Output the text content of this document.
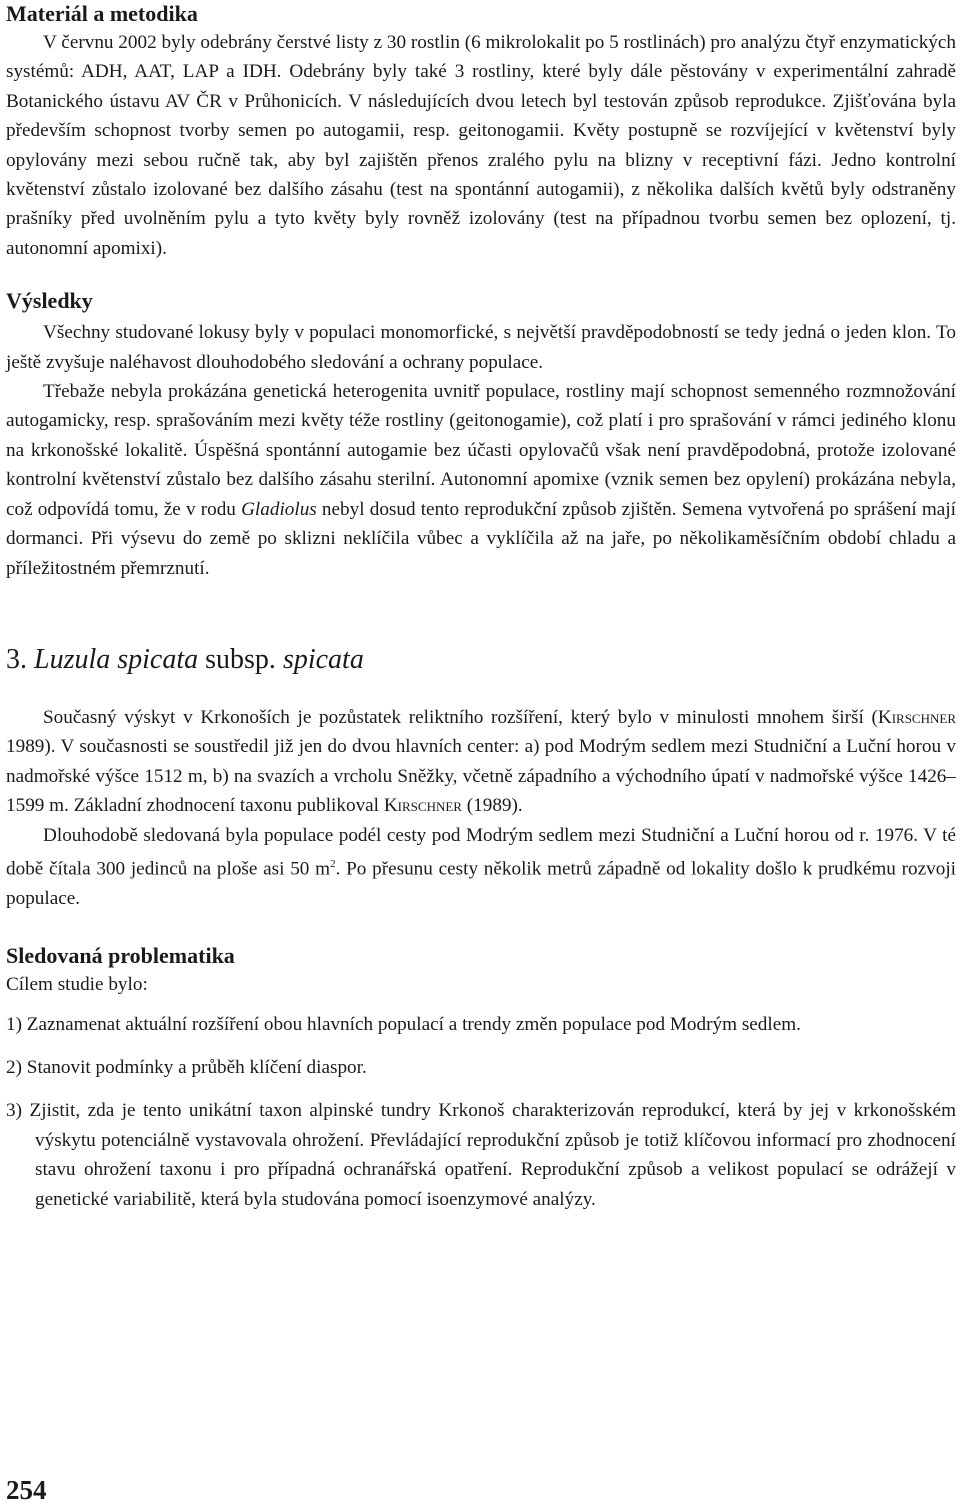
Materiál a metodika

V červnu 2002 byly odebrány čerstvé listy z 30 rostlin (6 mikrolokalit po 5 rostlinách) pro analýzu čtyř enzymatických systémů: ADH, AAT, LAP a IDH. Odebrány byly také 3 rostliny, které byly dále pěstovány v experimentální zahradě Botanického ústavu AV ČR v Průhonicích. V následujících dvou letech byl testován způsob reprodukce. Zjišťována byla především schopnost tvorby semen po autogamii, resp. geitonogamii. Květy postupně se rozvíjející v květenství byly opylovány mezi sebou ručně tak, aby byl zajištěn přenos zralého pylu na blizny v receptivní fázi. Jedno kontrolní květenství zůstalo izolované bez dalšího zásahu (test na spontánní autogamii), z několika dalších květů byly odstraněny prašníky před uvolněním pylu a tyto květy byly rovněž izolovány (test na případnou tvorbu semen bez oplození, tj. autonomní apomixi).

Výsledky

Všechny studované lokusy byly v populaci monomorfické, s největší pravděpodobností se tedy jedná o jeden klon. To ještě zvyšuje naléhavost dlouhodobého sledování a ochrany populace.

Třebaže nebyla prokázána genetická heterogenita uvnitř populace, rostliny mají schopnost semenného rozmnožování autogamicky, resp. sprašováním mezi květy téže rostliny (geitonogamie), což platí i pro sprašování v rámci jediného klonu na krkonošské lokalitě. Úspěšná spontánní autogamie bez účasti opylovačů však není pravděpodobná, protože izolované kontrolní květenství zůstalo bez dalšího zásahu sterilní. Autonomní apomixe (vznik semen bez opylení) prokázána nebyla, což odpovídá tomu, že v rodu Gladiolus nebyl dosud tento reprodukční způsob zjištěn. Semena vytvořená po sprášení mají dormanci. Při výsevu do země po sklizni neklíčila vůbec a vyklíčila až na jaře, po několikaměsíčním období chladu a příležitostném přemrznutí.

3. Luzula spicata subsp. spicata

Současný výskyt v Krkonoších je pozůstatek reliktního rozšíření, který bylo v minulosti mnohem širší (Kirschner 1989). V současnosti se soustředil již jen do dvou hlavních center: a) pod Modrým sedlem mezi Studniční a Luční horou v nadmořské výšce 1512 m, b) na svazích a vrcholu Sněžky, včetně západního a východního úpatí v nadmořské výšce 1426–1599 m. Základní zhodnocení taxonu publikoval Kirschner (1989).

Dlouhodobě sledovaná byla populace podél cesty pod Modrým sedlem mezi Studniční a Luční horou od r. 1976. V té době čítala 300 jedinců na ploše asi 50 $m^2$. Po přesunu cesty několik metrů západně od lokality došlo k prudkému rozvoji populace.

Sledovaná problematika

Cílem studie bylo:

1) Zaznamenat aktuální rozšíření obou hlavních populací a trendy změn populace pod Modrým sedlem.

2) Stanovit podmínky a průběh klíčení diaspor.

3) Zjistit, zda je tento unikátní taxon alpinské tundry Krkonoš charakterizován reprodukcí, která by jej v krkonošském výskytu potenciálně vystavovala ohrožení. Převládající reprodukční způsob je totiž klíčovou informací pro zhodnocení stavu ohrožení taxonu i pro případná ochranářská opatření. Reprodukční způsob a velikost populací se odrážejí v genetické variabilitě, která byla studována pomocí isoenzymové analýzy.

254
